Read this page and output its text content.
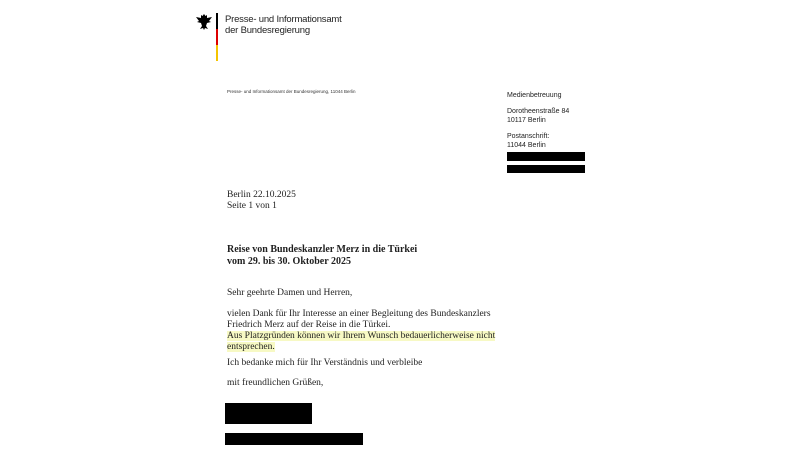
Presse- und Informationsamt
der Bundesregierung
Presse- und Informationsamt der Bundesregierung, 11044 Berlin
Medienbetreuung
Dorotheenstraße 84
10117 Berlin
Postanschrift:
11044 Berlin
Berlin 22.10.2025
Seite 1 von 1
Reise von Bundeskanzler Merz in die Türkei
vom 29. bis 30. Oktober 2025
Sehr geehrte Damen und Herren,
vielen Dank für Ihr Interesse an einer Begleitung des Bundeskanzlers
Friedrich Merz auf der Reise in die Türkei.
Aus Platzgründen können wir Ihrem Wunsch bedauerlicherweise nicht
entsprechen.
Ich bedanke mich für Ihr Verständnis und verbleibe
mit freundlichen Grüßen,
